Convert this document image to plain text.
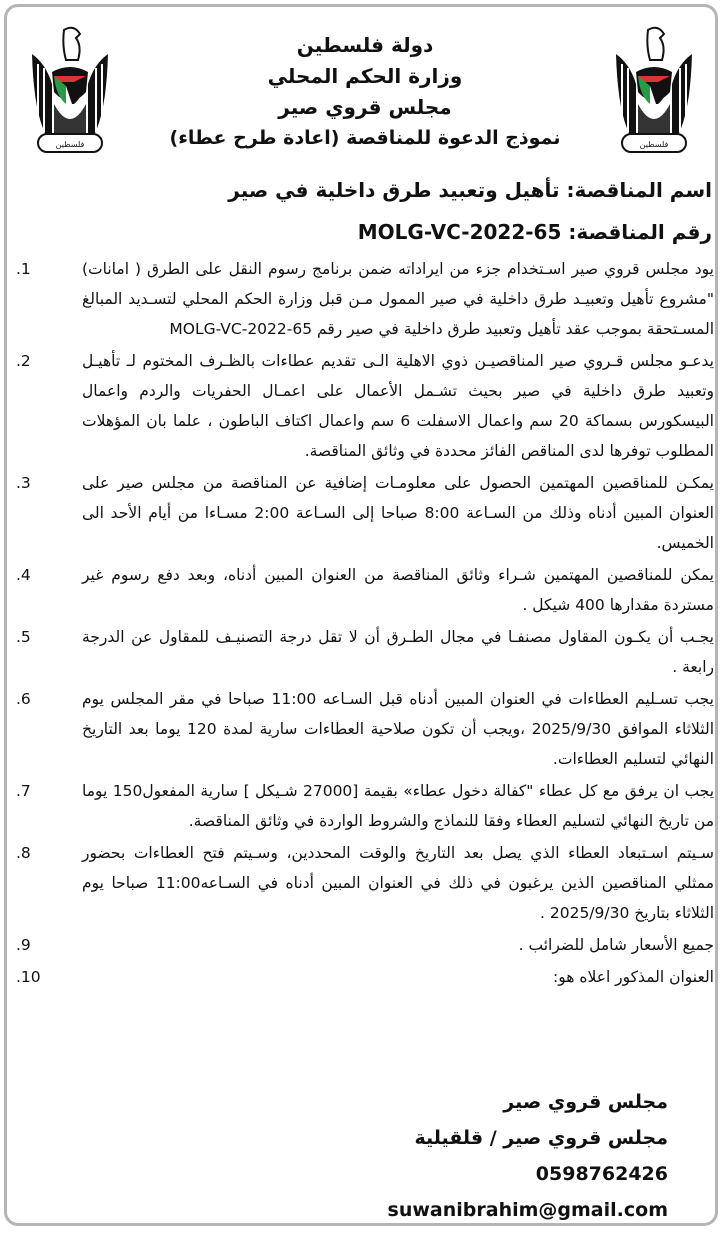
فلسطين	فلسطين
دولة فلسطين
وزارة الحكم المحلي
مجلس قروي صير
نموذج الدعوة للمناقصة (اعادة طرح عطاء)
اسم المناقصة: تأهيل وتعبيد طرق داخلية في صير
رقم المناقصة: MOLG-VC-2022-65
.1	يود مجلس قروي صير اسـتخدام جزء من ايراداته ضمن برنامج رسوم النقل على الطرق ( امانات) "مشروع تأهيل وتعبيـد طرق داخلية في صير الممول مـن قبل وزارة الحكم المحلي لتسـديد المبالغ المسـتحقة بموجب عقد تأهيل وتعبيد طرق داخلية في صير رقم MOLG-VC-2022-65
.2	يدعـو مجلس قـروي صير المناقصيـن ذوي الاهلية الـى تقديم عطاءات بالظـرف المختوم لـ تأهيـل وتعبيد طرق داخلية في صير بحيث تشـمل الأعمال على اعمـال الحفريات والردم واعمال البيسكورس بسماكة 20 سم واعمال الاسفلت 6 سم واعمال اكتاف الباطون ، علما بان المؤهلات المطلوب توفرها لدى المناقص الفائز محددة في وثائق المناقصة.
.3	يمكـن للمناقصين المهتمين الحصول على معلومـات إضافية عن المناقصة من مجلس صير على العنوان المبين أدناه وذلك من السـاعة 8:00 صباحا إلى السـاعة 2:00 مسـاءا من أيام الأحد الى الخميس.
.4	يمكن للمناقصين المهتمين شـراء وثائق المناقصة من العنوان المبين أدناه، وبعد دفع رسوم غير مستردة مقدارها 400 شيكل .
.5	يجـب أن يكـون المقاول مصنفـا في مجال الطـرق أن لا تقل درجة التصنيـف للمقاول عن الدرجة رابعة .
.6	يجب تسـليم العطاءات في العنوان المبين أدناه قبل السـاعه 11:00 صباحا في مقر المجلس يوم الثلاثاء الموافق 2025/9/30 ،ويجب أن تكون صلاحية العطاءات سارية لمدة 120 يوما بعد التاريخ النهائي لتسليم العطاءات.
.7	يجب ان يرفق مع كل عطاء "كفالة دخول عطاء» بقيمة [27000 شـيكل ] سارية المفعول150 يوما من تاريخ النهائي لتسليم العطاء وفقا للنماذج والشروط الواردة في وثائق المناقصة.
.8	سـيتم اسـتبعاد العطاء الذي يصل بعد التاريخ والوقت المحددين، وسـيتم فتح العطاءات بحضور ممثلي المناقصين الذين يرغبون في ذلك في العنوان المبين أدناه في السـاعه11:00 صباحا يوم الثلاثاء بتاريخ 2025/9/30 .
.9	جميع الأسعار شامل للضرائب .
.10	العنوان المذكور اعلاه هو:
مجلس قروي صير
مجلس قروي صير / قلقيلية
0598762426
suwanibrahim@gmail.com
